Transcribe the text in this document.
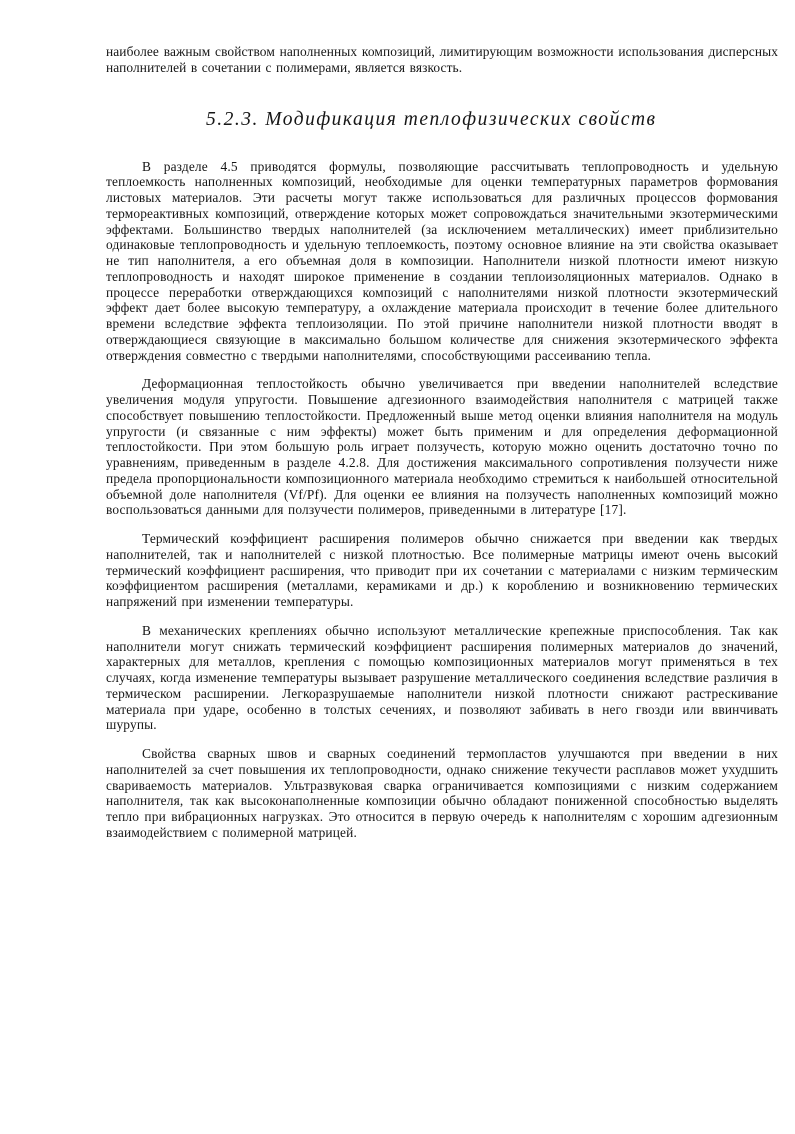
наиболее важным свойством наполненных композиций, лимитирующим возможности использования дисперсных наполнителей в сочетании с полимерами, является вязкость.

5.2.3. Модификация теплофизических свойств

В разделе 4.5 приводятся формулы, позволяющие рассчитывать теплопроводность и удельную теплоемкость наполненных композиций, необходимые для оценки температурных параметров формования листовых материалов. Эти расчеты могут также использоваться для различных процессов формования термореактивных композиций, отверждение которых может сопровождаться значительными экзотермическими эффектами. Большинство твердых наполнителей (за исключением металлических) имеет приблизительно одинаковые теплопроводность и удельную теплоемкость, поэтому основное влияние на эти свойства оказывает не тип наполнителя, а его объемная доля в композиции. Наполнители низкой плотности имеют низкую теплопроводность и находят широкое применение в создании теплоизоляционных материалов. Однако в процессе переработки отверждающихся композиций с наполнителями низкой плотности экзотермический эффект дает более высокую температуру, а охлаждение материала происходит в течение более длительного времени вследствие эффекта теплоизоляции. По этой причине наполнители низкой плотности вводят в отверждающиеся связующие в максимально большом количестве для снижения экзотермического эффекта отверждения совместно с твердыми наполнителями, способствующими рассеиванию тепла.

Деформационная теплостойкость обычно увеличивается при введении наполнителей вследствие увеличения модуля упругости. Повышение адгезионного взаимодействия наполнителя с матрицей также способствует повышению теплостойкости. Предложенный выше метод оценки влияния наполнителя на модуль упругости (и связанные с ним эффекты) может быть применим и для определения деформационной теплостойкости. При этом большую роль играет ползучесть, которую можно оценить достаточно точно по уравнениям, приведенным в разделе 4.2.8. Для достижения максимального сопротивления ползучести ниже предела пропорциональности композиционного материала необходимо стремиться к наибольшей относительной объемной доле наполнителя (Vf/Pf). Для оценки ее влияния на ползучесть наполненных композиций можно воспользоваться данными для ползучести полимеров, приведенными в литературе [17].

Термический коэффициент расширения полимеров обычно снижается при введении как твердых наполнителей, так и наполнителей с низкой плотностью. Все полимерные матрицы имеют очень высокий термический коэффициент расширения, что приводит при их сочетании с материалами с низким термическим коэффициентом расширения (металлами, керамиками и др.) к короблению и возникновению термических напряжений при изменении температуры.

В механических креплениях обычно используют металлические крепежные приспособления. Так как наполнители могут снижать термический коэффициент расширения полимерных материалов до значений, характерных для металлов, крепления с помощью композиционных материалов могут применяться в тех случаях, когда изменение температуры вызывает разрушение металлического соединения вследствие различия в термическом расширении. Легкоразрушаемые наполнители низкой плотности снижают растрескивание материала при ударе, особенно в толстых сечениях, и позволяют забивать в него гвозди или ввинчивать шурупы.

Свойства сварных швов и сварных соединений термопластов улучшаются при введении в них наполнителей за счет повышения их теплопроводности, однако снижение текучести расплавов может ухудшить свариваемость материалов. Ультразвуковая сварка ограничивается композициями с низким содержанием наполнителя, так как высоконаполненные композиции обычно обладают пониженной способностью выделять тепло при вибрационных нагрузках. Это относится в первую очередь к наполнителям с хорошим адгезионным взаимодействием с полимерной матрицей.
